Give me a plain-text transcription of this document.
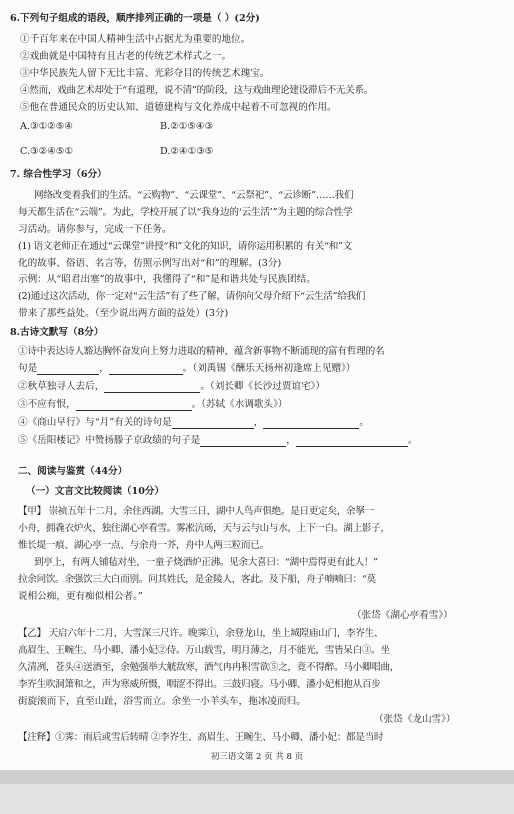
6.下列句子组成的语段，顺序排列正确的一项是（ ）(2分)
①千百年来在中国人精神生活中占据尤为重要的地位。
②戏曲就是中国特有且古老的传统艺术样式之一。
③中华民族先人留下无比丰富、光彩夺目的传统艺术瑰宝。
④然而，戏曲艺术却处于“有道理，说不清”的阶段，这与戏曲理论建设滞后不无关系。
⑤他在普通民众的历史认知、道德建构与文化养成中起着不可忽视的作用。
A.③①②⑤④	B.②①⑤④③
C.③②④⑤①	D.②④①③⑤
7. 综合性学习（6分）
网络改变着我们的生活。“云购物”、“云课堂”、“云祭祀”、“云诊断”……我们
每天都生活在“云端”。为此，学校开展了以“我身边的‘云生活’”为主题的综合性学
习活动。请你参与，完成一下任务。
(1) 语文老师正在通过“云课堂”讲授“和”文化的知识，请你运用积累的 有关“和”文
化的故事、俗语、名言等，仿照示例写出对“和”的理解。(3分)
示例：从“昭君出塞”的故事中，我懂得了“和”是和谐共处与民族团结。
(2)通过这次活动，你一定对“云生活”有了些了解，请你向父母介绍下“云生活”给我们
带来了那些益处。（至少说出两方面的益处）(3分)
8.古诗文默写（8分）
①诗中表达诗人豁达胸怀奋发向上努力进取的精神，蕴含新事物不断涌现的富有哲理的名
句是	，	。（刘禹锡《酬乐天扬州初逢席上见赠》）
②秋草独寻人去后，	。（刘长卿《长沙过贾谊宅》）
③不应有恨，	。（苏轼《水调歌头》）
④《商山早行》与“月”有关的诗句是	，	。
⑤《岳阳楼记》中赞扬滕子京政绩的句子是	，	。
二、阅读与鉴赏（44分）
（一）文言文比较阅读（10分）
【甲】 崇祯五年十二月，余住西湖。大雪三日，湖中人鸟声俱绝。是日更定矣，余拏一
小舟，拥毳衣炉火，独往湖心亭看雪。雾凇沆砀，天与云与山与水，上下一白。湖上影子，
惟长堤一痕、湖心亭一点、与余舟一芥，舟中人两三粒而已。
到亭上，有两人铺毡对坐，一童子烧酒炉正沸。见余大喜曰：“湖中焉得更有此人！”
拉余同饮。余强饮三大白而别。问其姓氏，是金陵人，客此。及下船，舟子喃喃曰：“莫
说相公痴，更有痴似相公者。”
（张岱《湖心亭看雪》）
【乙】 天启六年十二月，大雪深三尺许。晚霁①，余登龙山，坐上城隍庙山门，李岕生、
高眉生、王畹生、马小卿、潘小妃②侍。万山载雪，明月薄之，月不能光，雪皆呆白③。坐
久清冽，苍头④送酒至，余勉强举大觥敌寒，酒气冉冉积雪欲⑤之，竟不得醉。马小卿唱曲，
李岕生吹洞箫和之，声为寒威所慑，咽涩不得出。三鼓归寝。马小卿、潘小妃相抱从百步
街旋滚而下，直至山趾，浴雪而立。余坐一小羊头车，拖冰凌而归。
（张岱《龙山雪》）
【注释】①霁：雨后或雪后转晴 ②李岕生、高眉生、王畹生、马小卿、潘小妃：都是当时
初三语文第 2 页 共 8 页
